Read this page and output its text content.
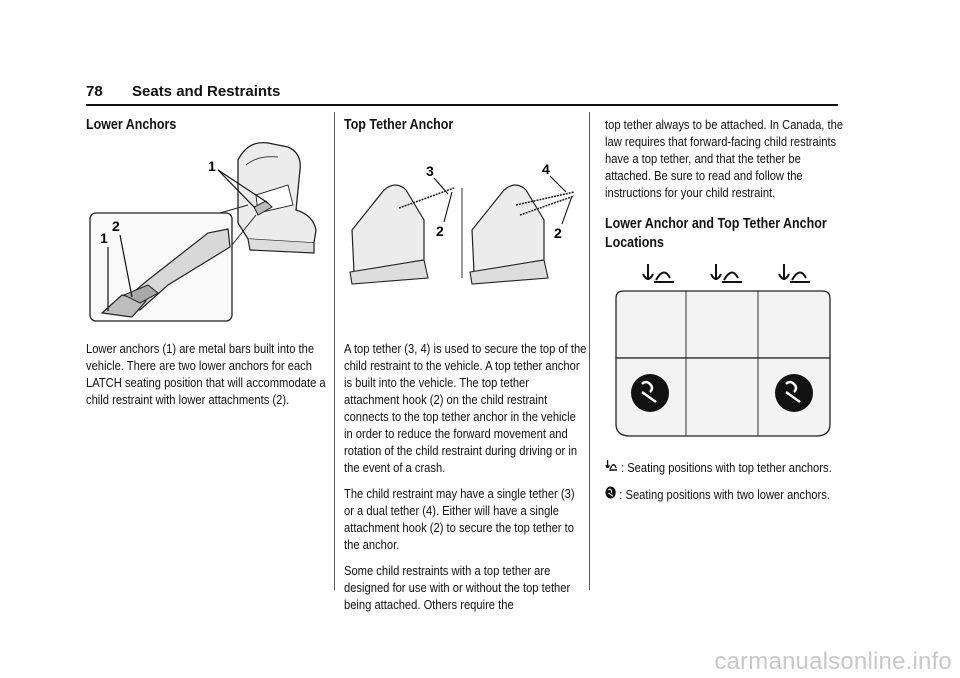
78 Seats and Restraints
Lower Anchors
1
1
2

Lower anchors (1) are metal bars built into the vehicle. There are two lower anchors for each LATCH seating position that will accommodate a child restraint with lower attachments (2).

Top Tether Anchor
3
2
4
2

A top tether (3, 4) is used to secure the top of the child restraint to the vehicle. A top tether anchor is built into the vehicle. The top tether attachment hook (2) on the child restraint connects to the top tether anchor in the vehicle in order to reduce the forward movement and rotation of the child restraint during driving or in the event of a crash.

The child restraint may have a single tether (3) or a dual tether (4). Either will have a single attachment hook (2) to secure the top tether to the anchor.

Some child restraints with a top tether are designed for use with or without the top tether being attached. Others require the

top tether always to be attached. In Canada, the law requires that forward-facing child restraints have a top tether, and that the tether be attached. Be sure to read and follow the instructions for your child restraint.

Lower Anchor and Top Tether Anchor Locations

: Seating positions with top tether anchors.

: Seating positions with two lower anchors.

carmanualsonline.info
